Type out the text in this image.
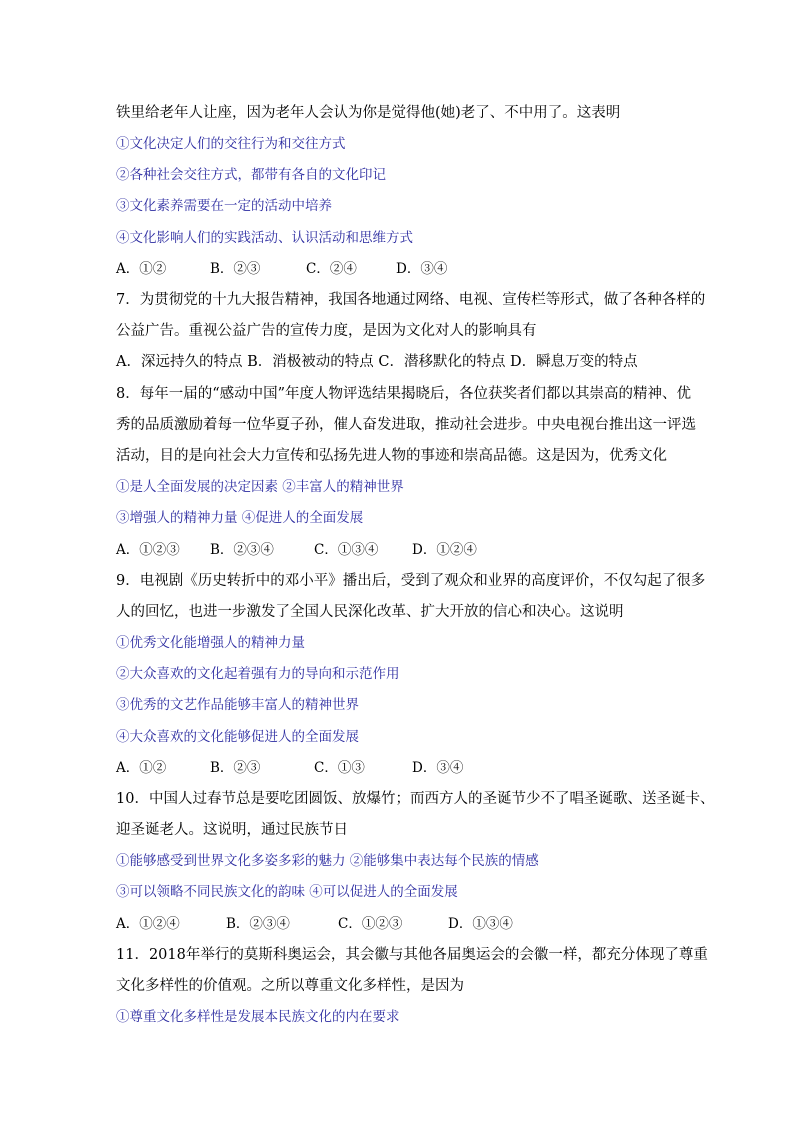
铁里给老年人让座，因为老年人会认为你是觉得他(她)老了、不中用了。这表明
①文化决定人们的交往行为和交往方式
②各种社会交往方式，都带有各自的文化印记
③文化素养需要在一定的活动中培养
④文化影响人们的实践活动、认识活动和思维方式
A．①②	B．②③	C．②④	D．③④
7．为贯彻党的十九大报告精神，我国各地通过网络、电视、宣传栏等形式，做了各种各样的
公益广告。重视公益广告的宣传力度，是因为文化对人的影响具有
A．深远持久的特点 B．消极被动的特点 C．潜移默化的特点 D．瞬息万变的特点
8．每年一届的“感动中国”年度人物评选结果揭晓后，各位获奖者们都以其崇高的精神、优
秀的品质激励着每一位华夏子孙，催人奋发进取，推动社会进步。中央电视台推出这一评选
活动，目的是向社会大力宣传和弘扬先进人物的事迹和崇高品德。这是因为，优秀文化
①是人全面发展的决定因素 ②丰富人的精神世界
③增强人的精神力量 ④促进人的全面发展
A．①②③ B．②③④	C．①③④ D．①②④
9．电视剧《历史转折中的邓小平》播出后，受到了观众和业界的高度评价，不仅勾起了很多
人的回忆，也进一步激发了全国人民深化改革、扩大开放的信心和决心。这说明
①优秀文化能增强人的精神力量
②大众喜欢的文化起着强有力的导向和示范作用
③优秀的文艺作品能够丰富人的精神世界
④大众喜欢的文化能够促进人的全面发展
A．①②	B．②③	C．①③	D．③④
10．中国人过春节总是要吃团圆饭、放爆竹；而西方人的圣诞节少不了唱圣诞歌、送圣诞卡、
迎圣诞老人。这说明，通过民族节日
①能够感受到世界文化多姿多彩的魅力 ②能够集中表达每个民族的情感
③可以领略不同民族文化的韵味 ④可以促进人的全面发展
A．①②④	B．②③④	C．①②③	D．①③④
11．2018年举行的莫斯科奥运会，其会徽与其他各届奥运会的会徽一样，都充分体现了尊重
文化多样性的价值观。之所以尊重文化多样性，是因为
①尊重文化多样性是发展本民族文化的内在要求
